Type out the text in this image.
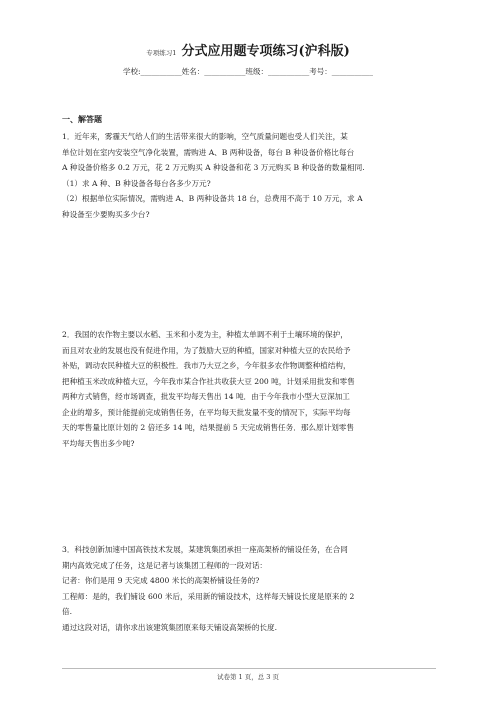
专项练习1 分式应用题专项练习(沪科版)
学校:___________姓名：___________班级：___________考号：___________
一、解答题

1．近年来，雾霾天气给人们的生活带来很大的影响，空气质量问题也受人们关注，某

单位计划在室内安装空气净化装置，需购进 A、B 两种设备，每台 B 种设备价格比每台

A 种设备价格多 0.2 万元，花 2 万元购买 A 种设备和花 3 万元购买 B 种设备的数量相同.

（1）求 A 种、B 种设备各每台各多少万元?

（2）根据单位实际情况，需购进 A、B 两种设备共 18 台，总费用不高于 10 万元，求 A

种设备至少要购买多少台?

2．我国的农作物主要以水稻、玉米和小麦为主，种植太单调不利于土壤环境的保护，

而且对农业的发展也没有促进作用，为了鼓励大豆的种植，国家对种植大豆的农民给予

补贴，调动农民种植大豆的积极性．我市乃大豆之乡，今年很多农作物调整种植结构，

把种植玉米改成种植大豆，今年我市某合作社共收获大豆 200 吨，计划采用批发和零售

两种方式销售，经市场调查，批发平均每天售出 14 吨．由于今年我市小型大豆深加工

企业的增多，预计能提前完成销售任务，在平均每天批发量不变的情况下，实际平均每

天的零售量比原计划的 2 倍还多 14 吨，结果提前 5 天完成销售任务．那么原计划零售

平均每天售出多少吨?

3．科技创新加速中国高铁技术发展，某建筑集团承担一座高架桥的铺设任务，在合同

期内高效完成了任务，这是记者与该集团工程师的一段对话：

记者：你们是用 9 天完成 4800 米长的高架桥铺设任务的?

工程师：是的，我们铺设 600 米后，采用新的铺设技术，这样每天铺设长度是原来的 2

倍.

通过这段对话，请你求出该建筑集团原来每天铺设高架桥的长度.

试卷第 1 页，总 3 页
